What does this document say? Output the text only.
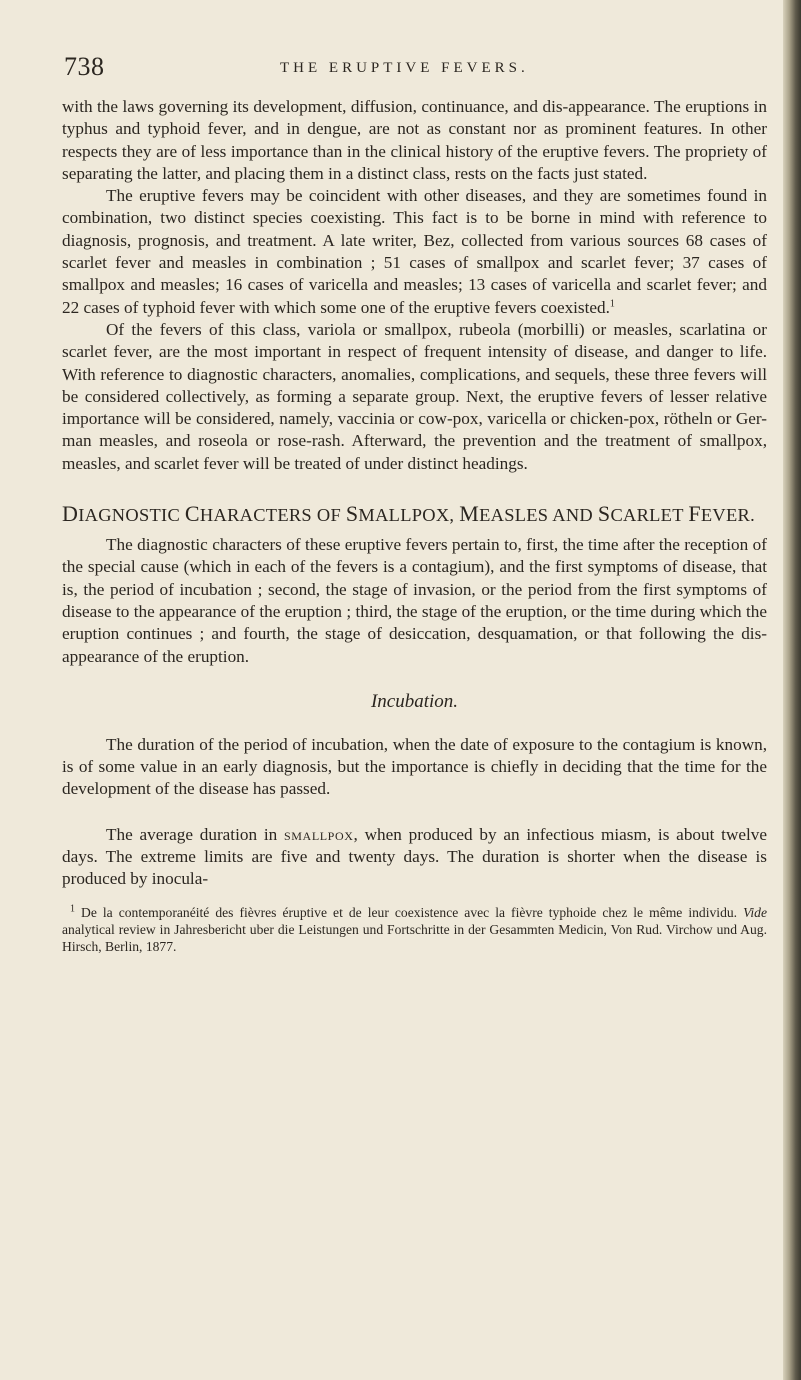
738	THE ERUPTIVE FEVERS.

with the laws governing its development, diffusion, continuance, and dis-appearance. The eruptions in typhus and typhoid fever, and in dengue, are not as constant nor as prominent features. In other respects they are of less importance than in the clinical history of the eruptive fevers. The propriety of separating the latter, and placing them in a distinct class, rests on the facts just stated.

The eruptive fevers may be coincident with other diseases, and they are sometimes found in combination, two distinct species coexisting. This fact is to be borne in mind with reference to diagnosis, prognosis, and treatment. A late writer, Bez, collected from various sources 68 cases of scarlet fever and measles in combination ; 51 cases of smallpox and scarlet fever; 37 cases of smallpox and measles; 16 cases of varicella and measles; 13 cases of varicella and scarlet fever; and 22 cases of typhoid fever with which some one of the eruptive fevers coexisted.$^1$

Of the fevers of this class, variola or smallpox, rubeola (morbilli) or measles, scarlatina or scarlet fever, are the most important in respect of frequent intensity of disease, and danger to life. With reference to diagnostic characters, anomalies, complications, and sequels, these three fevers will be considered collectively, as forming a separate group. Next, the eruptive fevers of lesser relative importance will be considered, namely, vaccinia or cow-pox, varicella or chicken-pox, rötheln or Ger-man measles, and roseola or rose-rash. Afterward, the prevention and the treatment of smallpox, measles, and scarlet fever will be treated of under distinct headings.

DIAGNOSTIC CHARACTERS OF SMALLPOX, MEASLES AND SCARLET FEVER.

The diagnostic characters of these eruptive fevers pertain to, first, the time after the reception of the special cause (which in each of the fevers is a contagium), and the first symptoms of disease, that is, the period of incubation ; second, the stage of invasion, or the period from the first symptoms of disease to the appearance of the eruption ; third, the stage of the eruption, or the time during which the eruption continues ; and fourth, the stage of desiccation, desquamation, or that following the dis-appearance of the eruption.

Incubation.

The duration of the period of incubation, when the date of exposure to the contagium is known, is of some value in an early diagnosis, but the importance is chiefly in deciding that the time for the development of the disease has passed.

The average duration in smallpox, when produced by an infectious miasm, is about twelve days. The extreme limits are five and twenty days. The duration is shorter when the disease is produced by inocula-

$^1$ De la contemporanéité des fièvres éruptive et de leur coexistence avec la fièvre typhoide chez le même individu. Vide analytical review in Jahresbericht uber die Leistungen und Fortschritte in der Gesammten Medicin, Von Rud. Virchow und Aug. Hirsch, Berlin, 1877.
